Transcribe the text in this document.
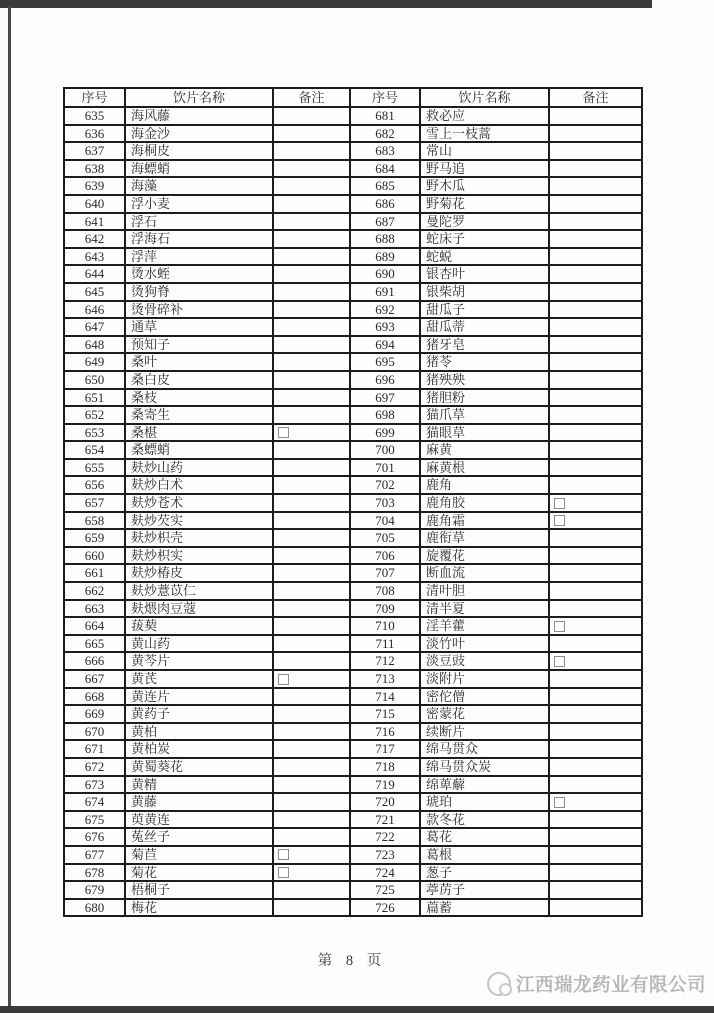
序号	饮片名称	备注	序号	饮片名称	备注
635	海风藤		681	救必应	
636	海金沙		682	雪上一枝蒿	
637	海桐皮		683	常山	
638	海螵蛸		684	野马追	
639	海藻		685	野木瓜	
640	浮小麦		686	野菊花	
641	浮石		687	曼陀罗	
642	浮海石		688	蛇床子	
643	浮萍		689	蛇蜕	
644	烫水蛭		690	银杏叶	
645	烫狗脊		691	银柴胡	
646	烫骨碎补		692	甜瓜子	
647	通草		693	甜瓜蒂	
648	预知子		694	猪牙皂	
649	桑叶		695	猪苓	
650	桑白皮		696	猪殃殃	
651	桑枝		697	猪胆粉	
652	桑寄生		698	猫爪草	
653	桑椹		699	猫眼草	
654	桑螵蛸		700	麻黄	
655	麸炒山药		701	麻黄根	
656	麸炒白术		702	鹿角	
657	麸炒苍术		703	鹿角胶	
658	麸炒芡实		704	鹿角霜	
659	麸炒枳壳		705	鹿衔草	
660	麸炒枳实		706	旋覆花	
661	麸炒椿皮		707	断血流	
662	麸炒薏苡仁		708	清叶胆	
663	麸煨肉豆蔻		709	清半夏	
664	菝葜		710	淫羊藿	
665	黄山药		711	淡竹叶	
666	黄芩片		712	淡豆豉	
667	黄芪		713	淡附片	
668	黄连片		714	密佗僧	
669	黄药子		715	密蒙花	
670	黄柏		716	续断片	
671	黄柏炭		717	绵马贯众	
672	黄蜀葵花		718	绵马贯众炭	
673	黄精		719	绵萆薢	
674	黄藤		720	琥珀	
675	萸黄连		721	款冬花	
676	菟丝子		722	葛花	
677	菊苣		723	葛根	
678	菊花		724	葱子	
679	梧桐子		725	葶苈子	
680	梅花		726	萹蓄	
第 8 页
江西瑞龙药业有限公司
